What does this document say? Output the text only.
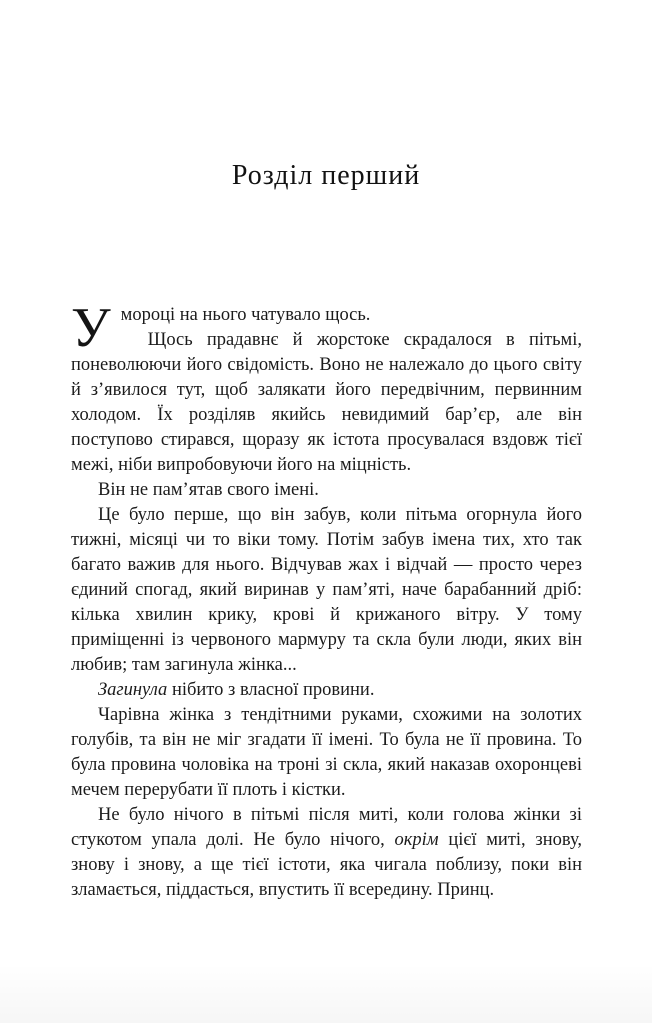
Розділ перший
У мороці на нього чатувало щось.

Щось прадавнє й жорстоке скрадалося в пітьмі, поневолюючи його свідомість. Воно не належало до цього світу й з’явилося тут, щоб залякати його передвічним, первинним холодом. Їх розділяв якийсь невидимий бар’єр, але він поступово стирався, щоразу як істота просувалася вздовж тієї межі, ніби випробовуючи його на міцність.

Він не пам’ятав свого імені.

Це було перше, що він забув, коли пітьма огорнула його тижні, місяці чи то віки тому. Потім забув імена тих, хто так багато важив для нього. Відчував жах і відчай — просто через єдиний спогад, який виринав у пам’яті, наче барабанний дріб: кілька хвилин крику, крові й крижаного вітру. У тому приміщенні із червоного мармуру та скла були люди, яких він любив; там загинула жінка...

Загинула нібито з власної провини.

Чарівна жінка з тендітними руками, схожими на золотих голубів, та він не міг згадати її імені. То була не її провина. То була провина чоловіка на троні зі скла, який наказав охоронцеві мечем перерубати її плоть і кістки.

Не було нічого в пітьмі після миті, коли голова жінки зі стукотом упала долі. Не було нічого, окрім цієї миті, знову, знову і знову, а ще тієї істоти, яка чигала поблизу, поки він зламається, піддасться, впустить її всередину. Принц.
